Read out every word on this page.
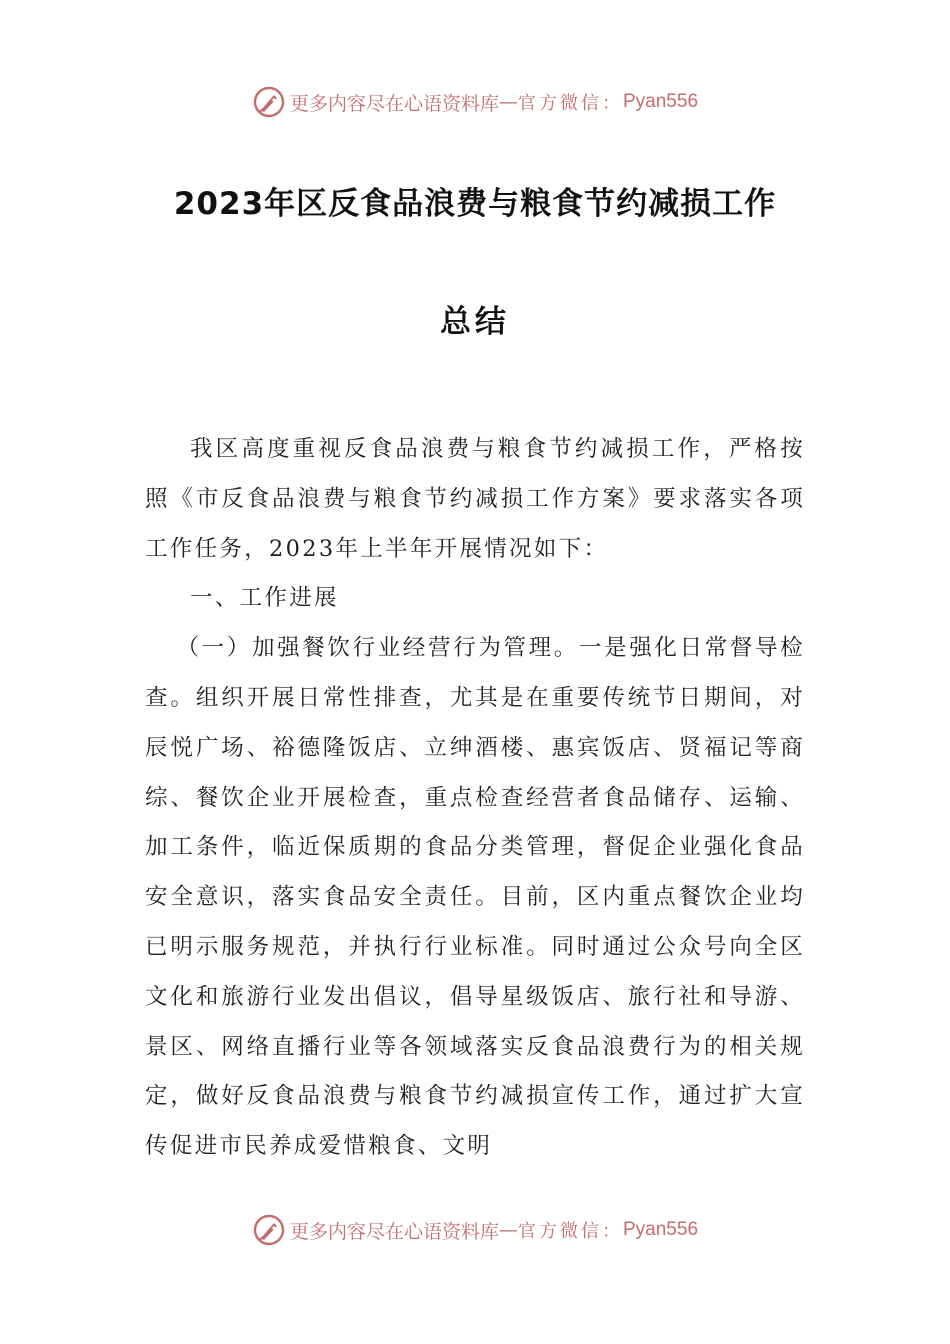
更多内容尽在心语资料库 — 官方微信： Pyan556
2023年区反食品浪费与粮食节约减损工作
总结

我区高度重视反食品浪费与粮食节约减损工作，严格按照《市反食品浪费与粮食节约减损工作方案》要求落实各项工作任务，2023年上半年开展情况如下：

一、工作进展

（一）加强餐饮行业经营行为管理。一是强化日常督导检查。组织开展日常性排查，尤其是在重要传统节日期间，对辰悦广场、裕德隆饭店、立绅酒楼、惠宾饭店、贤福记等商综、餐饮企业开展检查，重点检查经营者食品储存、运输、加工条件，临近保质期的食品分类管理，督促企业强化食品安全意识，落实食品安全责任。目前，区内重点餐饮企业均已明示服务规范，并执行行业标准。同时通过公众号向全区文化和旅游行业发出倡议，倡导星级饭店、旅行社和导游、景区、网络直播行业等各领域落实反食品浪费行为的相关规定，做好反食品浪费与粮食节约减损宣传工作，通过扩大宣传促进市民养成爱惜粮食、文明

更多内容尽在心语资料库 — 官方微信： Pyan556
